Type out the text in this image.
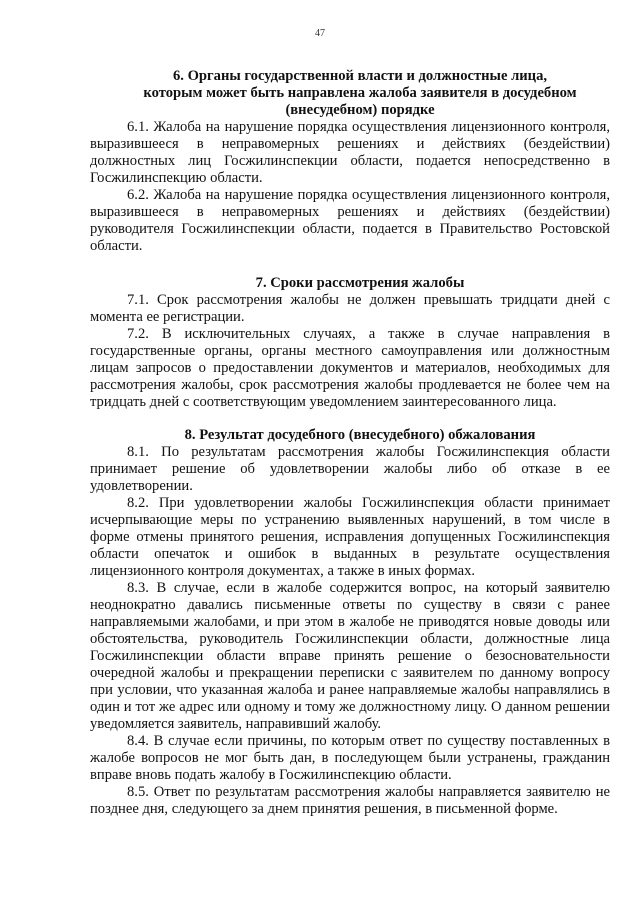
47
6. Органы государственной власти и должностные лица,
которым может быть направлена жалоба заявителя в досудебном
(внесудебном) порядке

6.1. Жалоба на нарушение порядка осуществления лицензионного контроля, выразившееся в неправомерных решениях и действиях (бездействии) должностных лиц Госжилинспекции области, подается непосредственно в Госжилинспекцию области.

6.2. Жалоба на нарушение порядка осуществления лицензионного контроля, выразившееся в неправомерных решениях и действиях (бездействии) руководителя Госжилинспекции области, подается в Правительство Ростовской области.

7. Сроки рассмотрения жалобы

7.1. Срок рассмотрения жалобы не должен превышать тридцати дней с момента ее регистрации.

7.2. В исключительных случаях, а также в случае направления в государственные органы, органы местного самоуправления или должностным лицам запросов о предоставлении документов и материалов, необходимых для рассмотрения жалобы, срок рассмотрения жалобы продлевается не более чем на тридцать дней с соответствующим уведомлением заинтересованного лица.

8. Результат досудебного (внесудебного) обжалования

8.1. По результатам рассмотрения жалобы Госжилинспекция области принимает решение об удовлетворении жалобы либо об отказе в ее удовлетворении.

8.2. При удовлетворении жалобы Госжилинспекция области принимает исчерпывающие меры по устранению выявленных нарушений, в том числе в форме отмены принятого решения, исправления допущенных Госжилинспекция области опечаток и ошибок в выданных в результате осуществления лицензионного контроля документах, а также в иных формах.

8.3. В случае, если в жалобе содержится вопрос, на который заявителю неоднократно давались письменные ответы по существу в связи с ранее направляемыми жалобами, и при этом в жалобе не приводятся новые доводы или обстоятельства, руководитель Госжилинспекции области, должностные лица Госжилинспекции области вправе принять решение о безосновательности очередной жалобы и прекращении переписки с заявителем по данному вопросу при условии, что указанная жалоба и ранее направляемые жалобы направлялись в один и тот же адрес или одному и тому же должностному лицу. О данном решении уведомляется заявитель, направивший жалобу.

8.4. В случае если причины, по которым ответ по существу поставленных в жалобе вопросов не мог быть дан, в последующем были устранены, гражданин вправе вновь подать жалобу в Госжилинспекцию области.

8.5. Ответ по результатам рассмотрения жалобы направляется заявителю не позднее дня, следующего за днем принятия решения, в письменной форме.
